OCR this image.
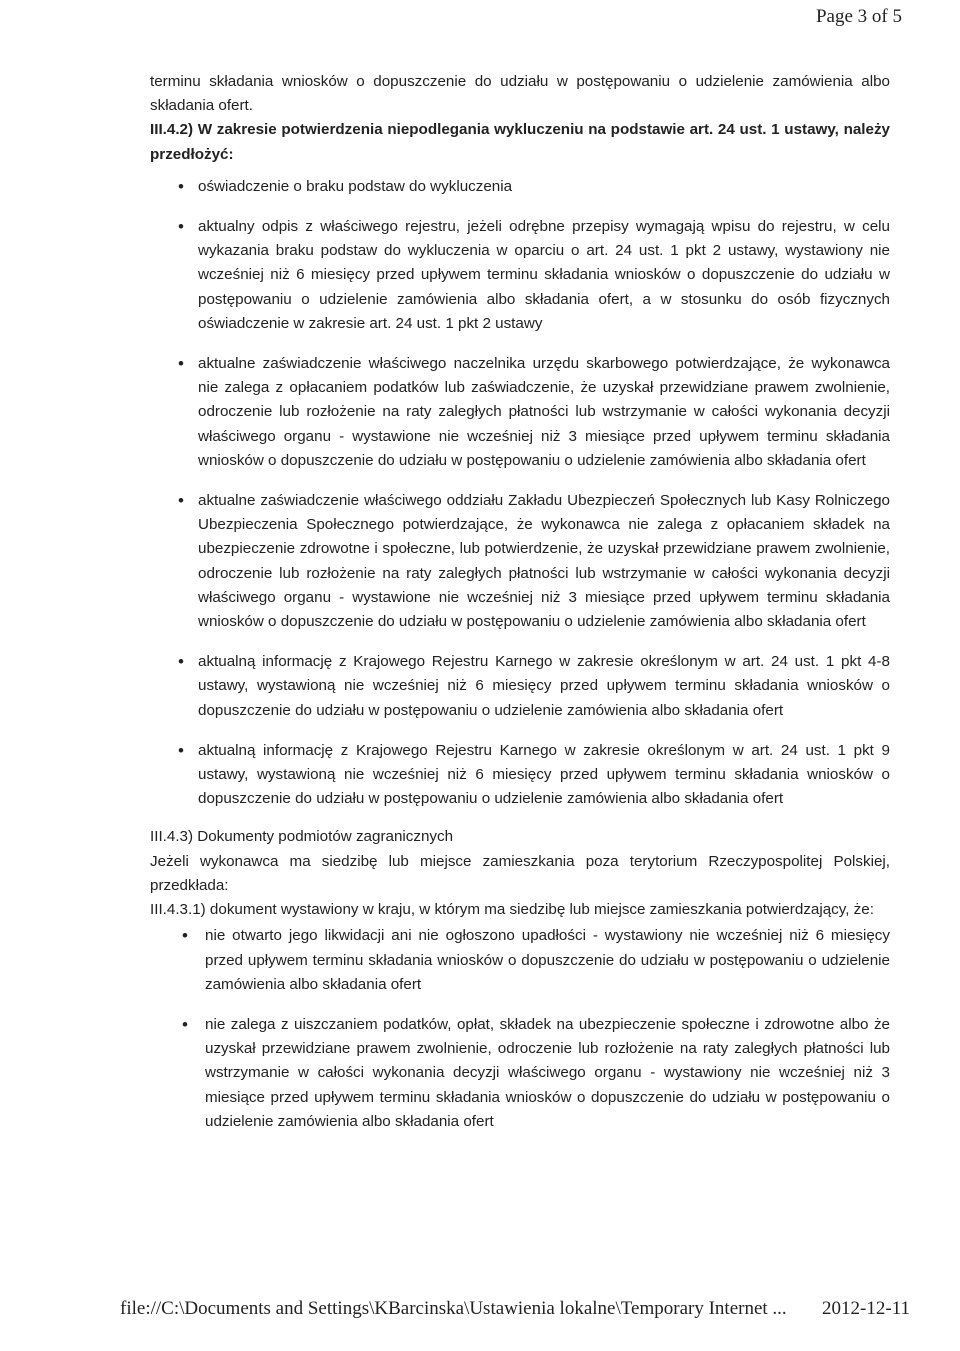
Page 3 of 5

terminu składania wniosków o dopuszczenie do udziału w postępowaniu o udzielenie zamówienia albo składania ofert.

III.4.2) W zakresie potwierdzenia niepodlegania wykluczeniu na podstawie art. 24 ust. 1 ustawy, należy przedłożyć:

• oświadczenie o braku podstaw do wykluczenia
• aktualny odpis z właściwego rejestru, jeżeli odrębne przepisy wymagają wpisu do rejestru, w celu wykazania braku podstaw do wykluczenia w oparciu o art. 24 ust. 1 pkt 2 ustawy, wystawiony nie wcześniej niż 6 miesięcy przed upływem terminu składania wniosków o dopuszczenie do udziału w postępowaniu o udzielenie zamówienia albo składania ofert, a w stosunku do osób fizycznych oświadczenie w zakresie art. 24 ust. 1 pkt 2 ustawy
• aktualne zaświadczenie właściwego naczelnika urzędu skarbowego potwierdzające, że wykonawca nie zalega z opłacaniem podatków lub zaświadczenie, że uzyskał przewidziane prawem zwolnienie, odroczenie lub rozłożenie na raty zaległych płatności lub wstrzymanie w całości wykonania decyzji właściwego organu - wystawione nie wcześniej niż 3 miesiące przed upływem terminu składania wniosków o dopuszczenie do udziału w postępowaniu o udzielenie zamówienia albo składania ofert
• aktualne zaświadczenie właściwego oddziału Zakładu Ubezpieczeń Społecznych lub Kasy Rolniczego Ubezpieczenia Społecznego potwierdzające, że wykonawca nie zalega z opłacaniem składek na ubezpieczenie zdrowotne i społeczne, lub potwierdzenie, że uzyskał przewidziane prawem zwolnienie, odroczenie lub rozłożenie na raty zaległych płatności lub wstrzymanie w całości wykonania decyzji właściwego organu - wystawione nie wcześniej niż 3 miesiące przed upływem terminu składania wniosków o dopuszczenie do udziału w postępowaniu o udzielenie zamówienia albo składania ofert
• aktualną informację z Krajowego Rejestru Karnego w zakresie określonym w art. 24 ust. 1 pkt 4-8 ustawy, wystawioną nie wcześniej niż 6 miesięcy przed upływem terminu składania wniosków o dopuszczenie do udziału w postępowaniu o udzielenie zamówienia albo składania ofert
• aktualną informację z Krajowego Rejestru Karnego w zakresie określonym w art. 24 ust. 1 pkt 9 ustawy, wystawioną nie wcześniej niż 6 miesięcy przed upływem terminu składania wniosków o dopuszczenie do udziału w postępowaniu o udzielenie zamówienia albo składania ofert

III.4.3) Dokumenty podmiotów zagranicznych

Jeżeli wykonawca ma siedzibę lub miejsce zamieszkania poza terytorium Rzeczypospolitej Polskiej, przedkłada:

III.4.3.1) dokument wystawiony w kraju, w którym ma siedzibę lub miejsce zamieszkania potwierdzający, że:

• nie otwarto jego likwidacji ani nie ogłoszono upadłości - wystawiony nie wcześniej niż 6 miesięcy przed upływem terminu składania wniosków o dopuszczenie do udziału w postępowaniu o udzielenie zamówienia albo składania ofert
• nie zalega z uiszczaniem podatków, opłat, składek na ubezpieczenie społeczne i zdrowotne albo że uzyskał przewidziane prawem zwolnienie, odroczenie lub rozłożenie na raty zaległych płatności lub wstrzymanie w całości wykonania decyzji właściwego organu - wystawiony nie wcześniej niż 3 miesiące przed upływem terminu składania wniosków o dopuszczenie do udziału w postępowaniu o udzielenie zamówienia albo składania ofert
file://C:\Documents and Settings\KBarcinska\Ustawienia lokalne\Temporary Internet ... 2012-12-11
